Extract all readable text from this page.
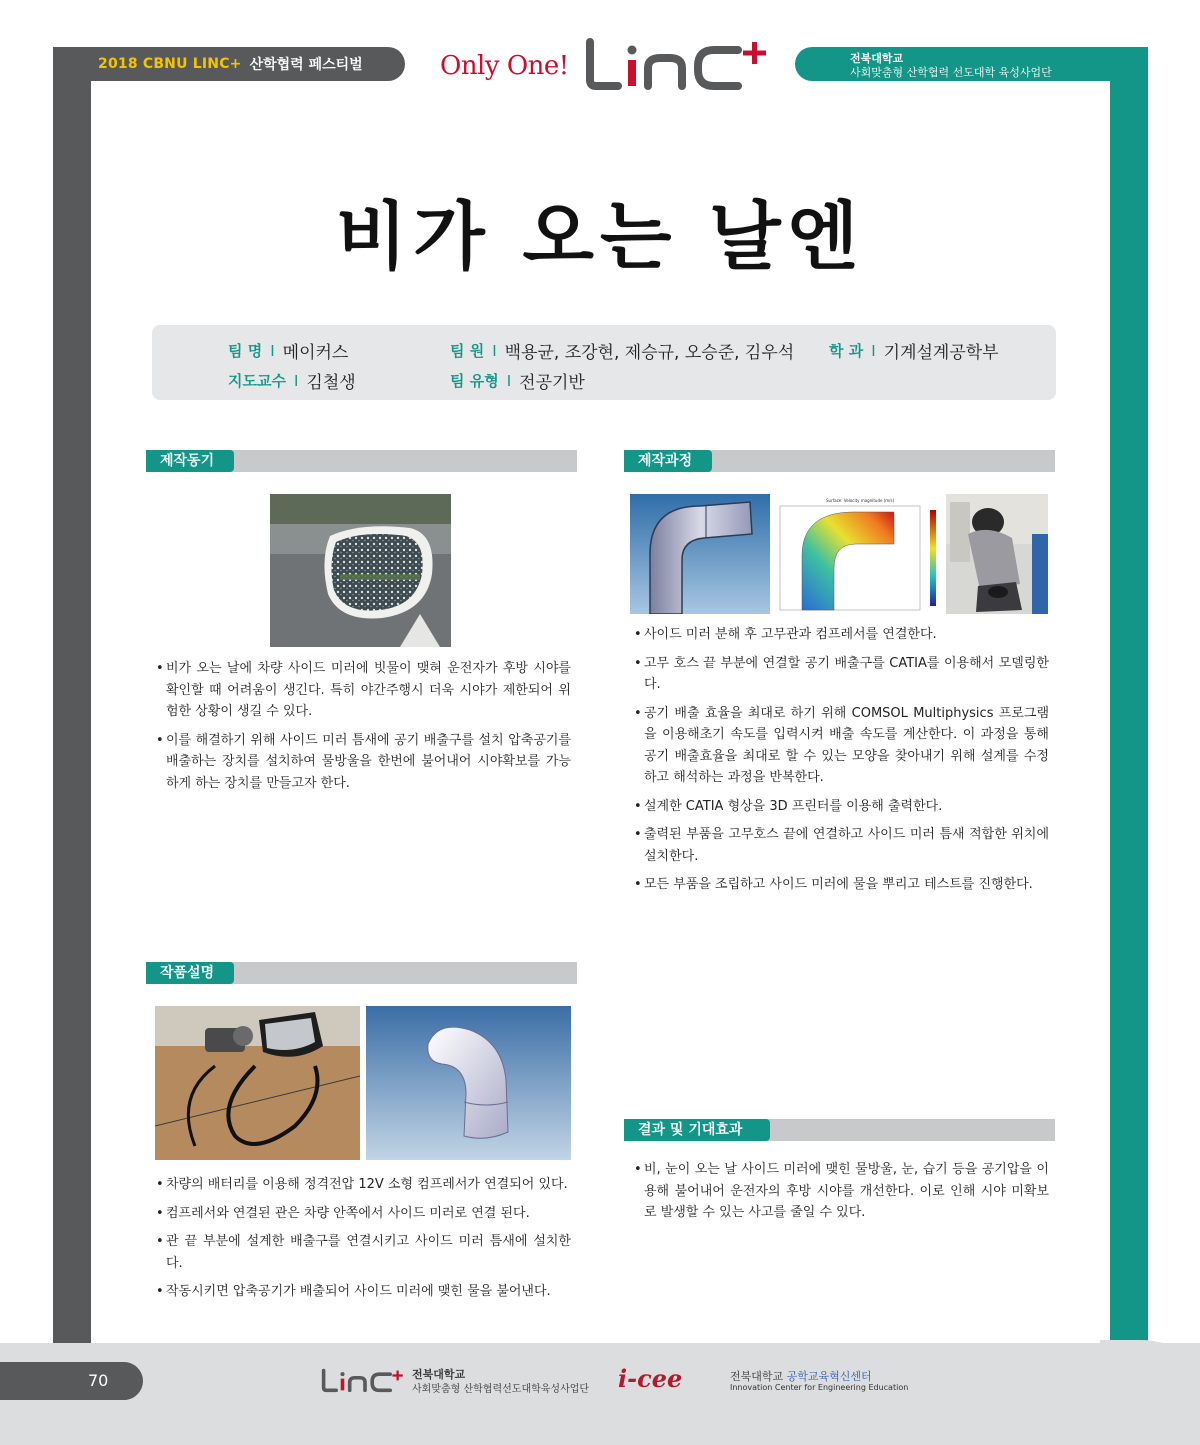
2018 CBNU LINC+ 산학협력 페스티벌	Only One!	전북대학교
사회맞춤형 산학협력 선도대학 육성사업단
비가 오는 날엔
팀 명 I 메이커스	팀 원 I 백용균, 조강현, 제승규, 오승준, 김우석 학 과 I 기계설계공학부
지도교수 I 김철생	팀 유형 I 전공기반
제작동기
• 비가 오는 날에 차량 사이드 미러에 빗물이 맺혀 운전자가 후방 시야를 확인할 때 어려움이 생긴다. 특히 야간주행시 더욱 시야가 제한되어 위험한 상황이 생길 수 있다.
• 이를 해결하기 위해 사이드 미러 틈새에 공기 배출구를 설치 압축공기를 배출하는 장치를 설치하여 물방울을 한번에 불어내어 시야확보를 가능하게 하는 장치를 만들고자 한다.
제작과정
Surface: Velocity magnitude (m/s)
• 사이드 미러 분해 후 고무관과 컴프레서를 연결한다.
• 고무 호스 끝 부분에 연결할 공기 배출구를 CATIA를 이용해서 모델링한다.
• 공기 배출 효율을 최대로 하기 위해 COMSOL Multiphysics 프로그램을 이용해초기 속도를 입력시켜 배출 속도를 계산한다. 이 과정을 통해 공기 배출효율을 최대로 할 수 있는 모양을 찾아내기 위해 설계를 수정하고 해석하는 과정을 반복한다.
• 설계한 CATIA 형상을 3D 프린터를 이용해 출력한다.
• 출력된 부품을 고무호스 끝에 연결하고 사이드 미러 틈새 적합한 위치에 설치한다.
• 모든 부품을 조립하고 사이드 미러에 물을 뿌리고 테스트를 진행한다.
작품설명
• 차량의 배터리를 이용해 정격전압 12V 소형 컴프레서가 연결되어 있다.
• 컴프레서와 연결된 관은 차량 안쪽에서 사이드 미러로 연결 된다.
• 관 끝 부분에 설계한 배출구를 연결시키고 사이드 미러 틈새에 설치한다.
• 작동시키면 압축공기가 배출되어 사이드 미러에 맺힌 물을 불어낸다.
결과 및 기대효과
• 비, 눈이 오는 날 사이드 미러에 맺힌 물방울, 눈, 습기 등을 공기압을 이용해 불어내어 운전자의 후방 시야를 개선한다. 이로 인해 시야 미확보로 발생할 수 있는 사고를 줄일 수 있다.
70	전북대학교
사회맞춤형 산학협력선도대학육성사업단 i-cee	전북대학교 공학교육혁신센터
Innovation Center for Engineering Education
